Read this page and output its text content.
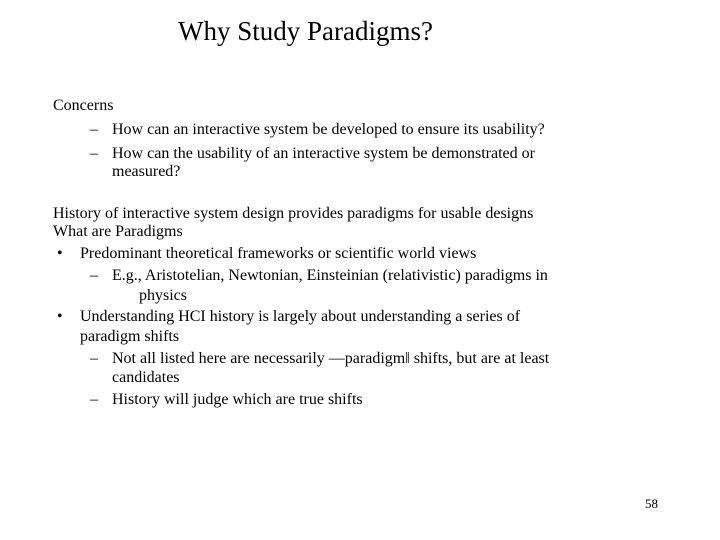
Why Study Paradigms?
Concerns
– How can an interactive system be developed to ensure its usability?
– How can the usability of an interactive system be demonstrated or
measured?
History of interactive system design provides paradigms for usable designs
What are Paradigms
• Predominant theoretical frameworks or scientific world views
– E.g., Aristotelian, Newtonian, Einsteinian (relativistic) paradigms in
physics
• Understanding HCI history is largely about understanding a series of
paradigm shifts
– Not all listed here are necessarily ―paradigm‖ shifts, but are at least
candidates
– History will judge which are true shifts
58
